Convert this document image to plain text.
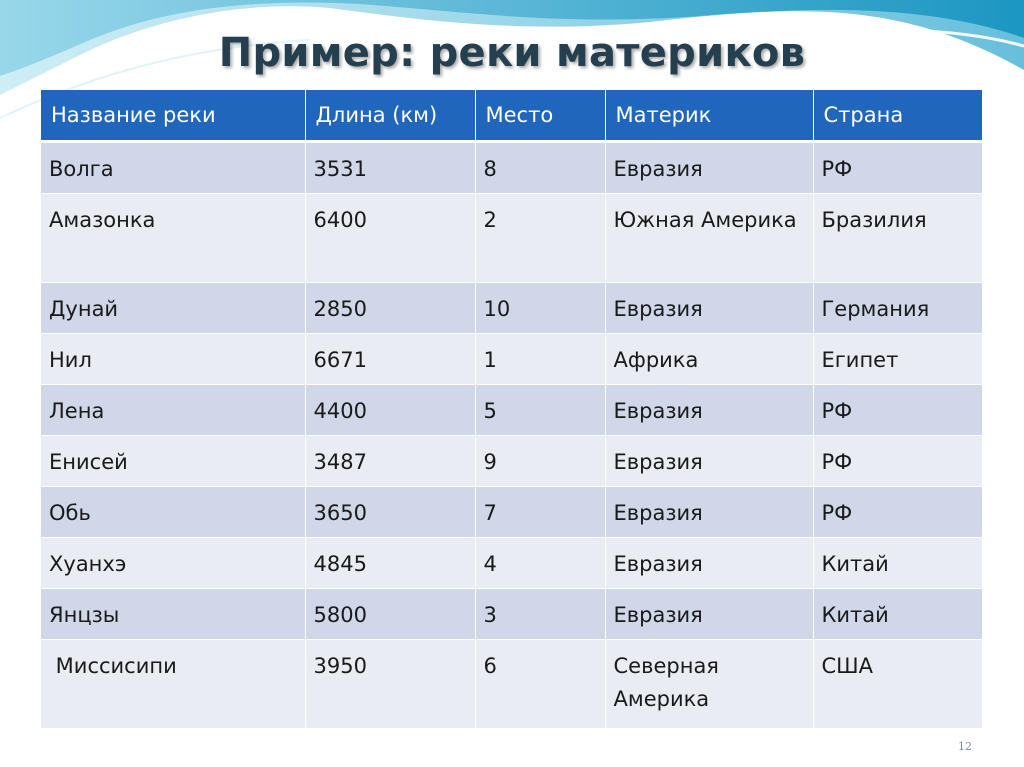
Пример: реки материков
Название реки	Длина (км)	Место	Материк	Страна
Волга	3531	8	Евразия	РФ
Амазонка	6400	2	Южная Америка	Бразилия
Дунай	2850	10	Евразия	Германия
Нил	6671	1	Африка	Египет
Лена	4400	5	Евразия	РФ
Енисей	3487	9	Евразия	РФ
Обь	3650	7	Евразия	РФ
Хуанхэ	4845	4	Евразия	Китай
Янцзы	5800	3	Евразия	Китай
Миссисипи	3950	6	Северная Америка	США
12
